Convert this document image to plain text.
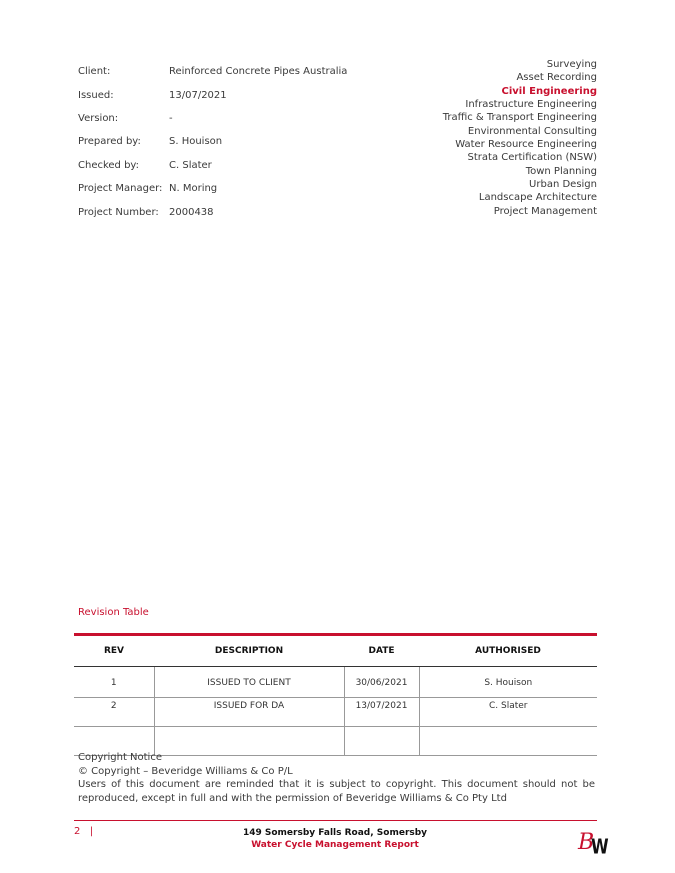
Client:	Reinforced Concrete Pipes Australia
Issued:	13/07/2021
Version:	-
Prepared by:	S. Houison
Checked by:	C. Slater
Project Manager: N. Moring
Project Number:	2000438
Surveying
Asset Recording
Civil Engineering
Infrastructure Engineering
Traffic & Transport Engineering
Environmental Consulting
Water Resource Engineering
Strata Certification (NSW)
Town Planning
Urban Design
Landscape Architecture
Project Management
Revision Table
REV	DESCRIPTION	DATE	AUTHORISED
1	ISSUED TO CLIENT	30/06/2021	S. Houison
2	ISSUED FOR DA	13/07/2021	C. Slater

Copyright Notice
© Copyright – Beveridge Williams & Co P/L
Users of this document are reminded that it is subject to copyright. This document should not be reproduced, except in full and with the permission of Beveridge Williams & Co Pty Ltd
2 |	149 Somersby Falls Road, Somersby
Water Cycle Management Report	B
W
